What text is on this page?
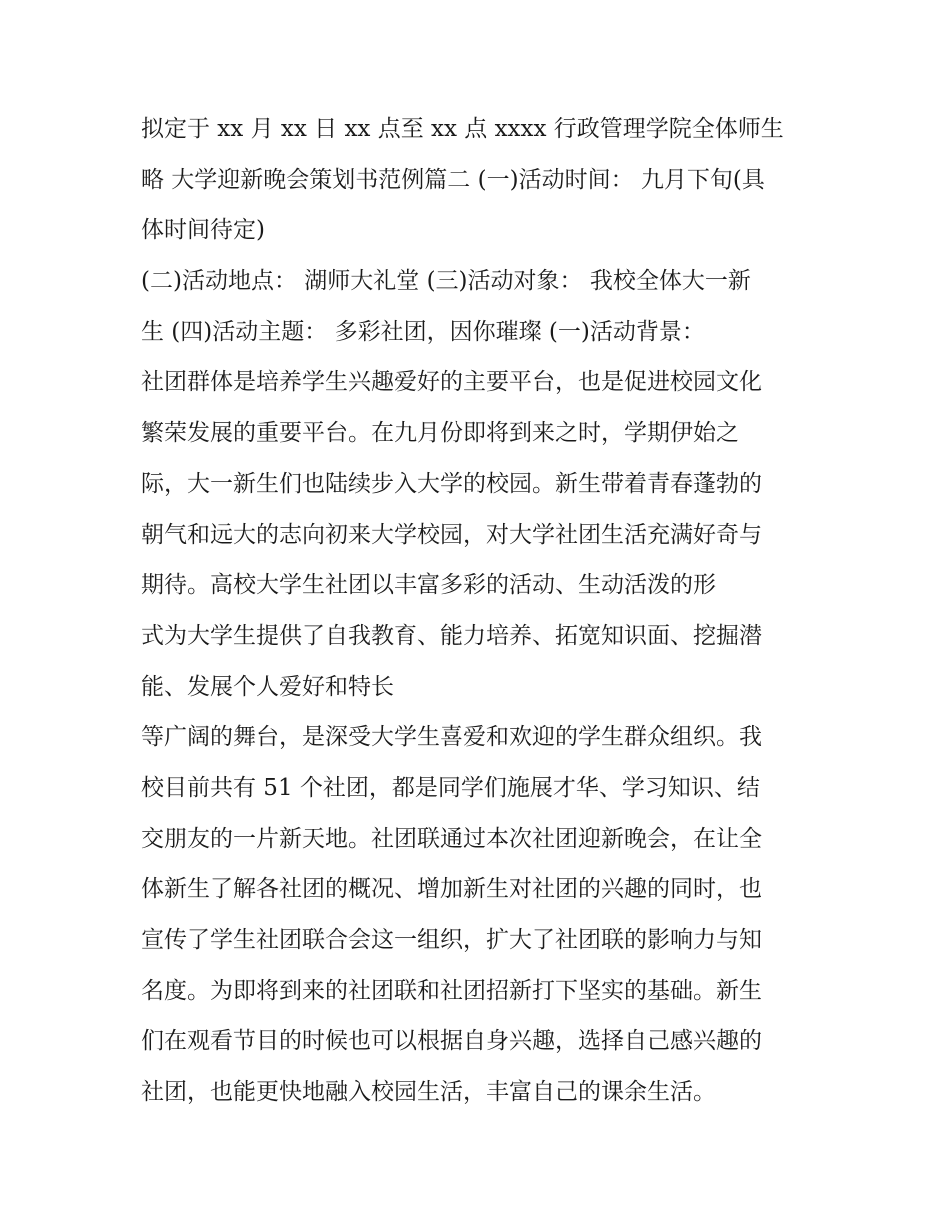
拟定于 xx 月 xx 日 xx 点至 xx 点 xxxx 行政管理学院全体师生
略 大学迎新晚会策划书范例篇二 (一)活动时间： 九月下旬(具
体时间待定)
(二)活动地点： 湖师大礼堂 (三)活动对象： 我校全体大一新
生 (四)活动主题： 多彩社团，因你璀璨 (一)活动背景：
社团群体是培养学生兴趣爱好的主要平台，也是促进校园文化
繁荣发展的重要平台。在九月份即将到来之时，学期伊始之
际，大一新生们也陆续步入大学的校园。新生带着青春蓬勃的
朝气和远大的志向初来大学校园，对大学社团生活充满好奇与
期待。高校大学生社团以丰富多彩的活动、生动活泼的形
式为大学生提供了自我教育、能力培养、拓宽知识面、挖掘潜
能、发展个人爱好和特长
等广阔的舞台，是深受大学生喜爱和欢迎的学生群众组织。我
校目前共有 51 个社团，都是同学们施展才华、学习知识、结
交朋友的一片新天地。社团联通过本次社团迎新晚会，在让全
体新生了解各社团的概况、增加新生对社团的兴趣的同时，也
宣传了学生社团联合会这一组织，扩大了社团联的影响力与知
名度。为即将到来的社团联和社团招新打下坚实的基础。新生
们在观看节目的时候也可以根据自身兴趣，选择自己感兴趣的
社团，也能更快地融入校园生活，丰富自己的课余生活。
